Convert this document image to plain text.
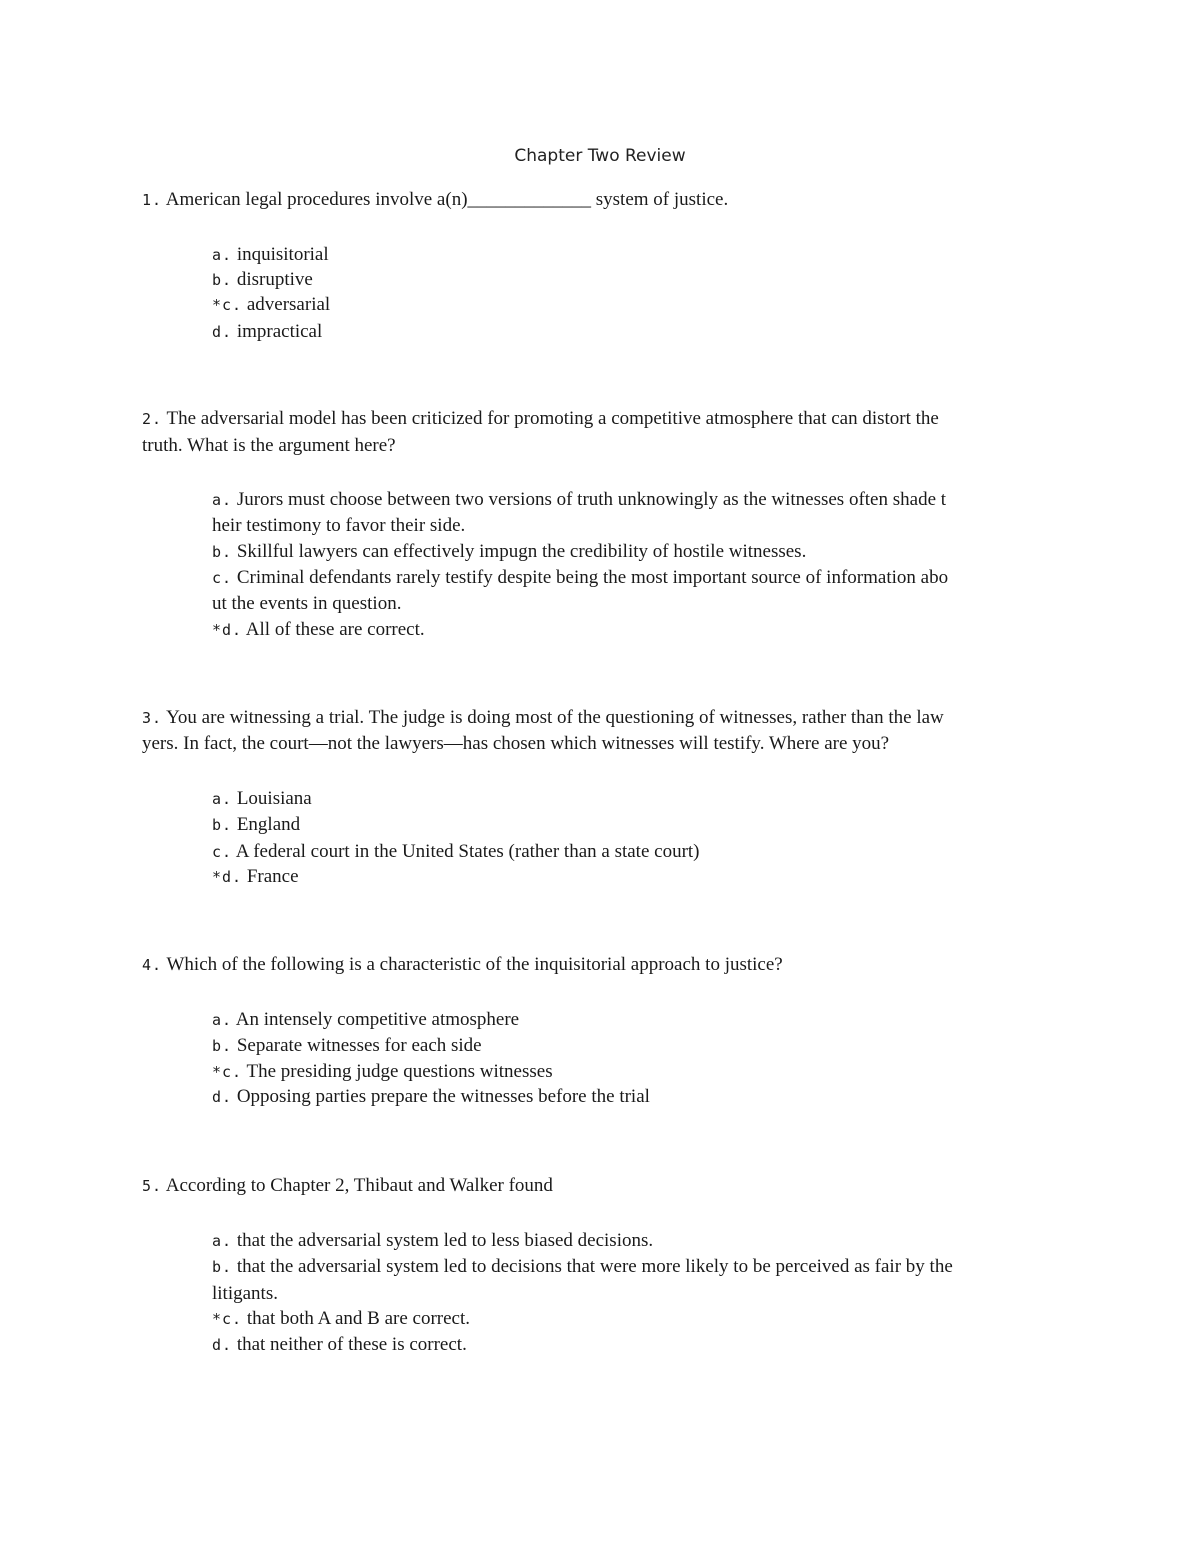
Chapter Two Review
1. American legal procedures involve a(n)_____________ system of justice.
a. inquisitorial
b. disruptive
*c. adversarial
d. impractical
2. The adversarial model has been criticized for promoting a competitive atmosphere that can distort the
truth. What is the argument here?
a. Jurors must choose between two versions of truth unknowingly as the witnesses often shade t
heir testimony to favor their side.
b. Skillful lawyers can effectively impugn the credibility of hostile witnesses.
c. Criminal defendants rarely testify despite being the most important source of information abo
ut the events in question.
*d. All of these are correct.
3. You are witnessing a trial. The judge is doing most of the questioning of witnesses, rather than the law
yers. In fact, the court—not the lawyers—has chosen which witnesses will testify. Where are you?
a. Louisiana
b. England
c. A federal court in the United States (rather than a state court)
*d. France
4. Which of the following is a characteristic of the inquisitorial approach to justice?
a. An intensely competitive atmosphere
b. Separate witnesses for each side
*c. The presiding judge questions witnesses
d. Opposing parties prepare the witnesses before the trial
5. According to Chapter 2, Thibaut and Walker found
a. that the adversarial system led to less biased decisions.
b. that the adversarial system led to decisions that were more likely to be perceived as fair by the
litigants.
*c. that both A and B are correct.
d. that neither of these is correct.
